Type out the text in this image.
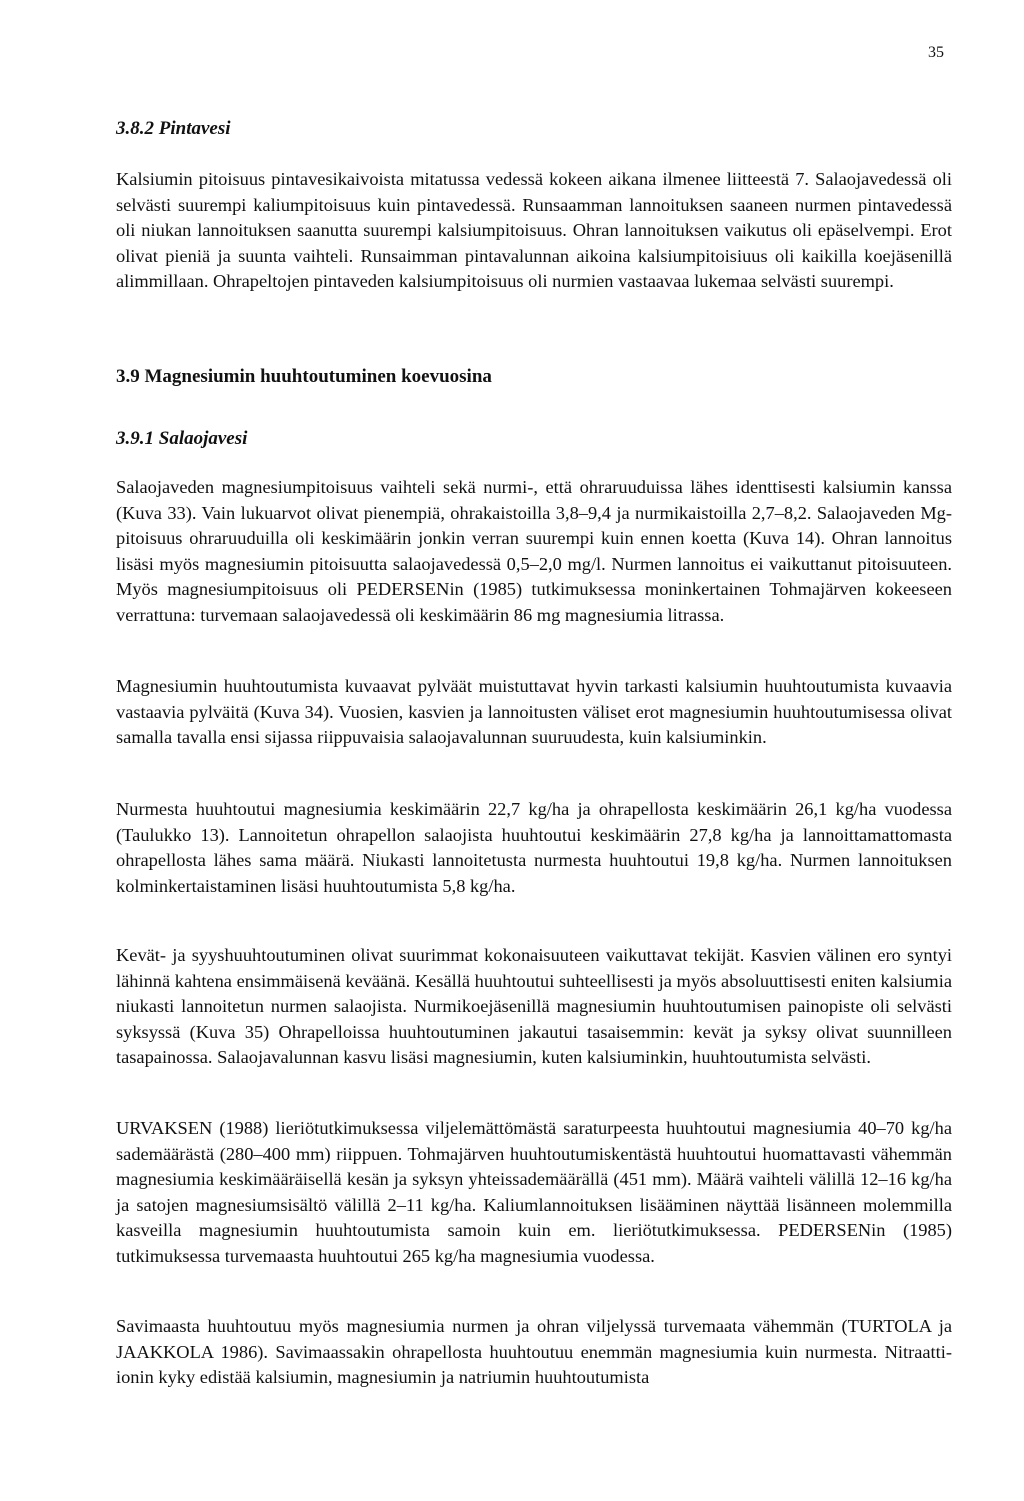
35
3.8.2 Pintavesi
Kalsiumin pitoisuus pintavesikaivoista mitatussa vedessä kokeen aikana ilmenee liitteestä 7. Salaojavedessä oli selvästi suurempi kaliumpitoisuus kuin pintavedessä. Runsaamman lannoituksen saaneen nurmen pintavedessä oli niukan lannoituksen saanutta suurempi kalsiumpitoisuus. Ohran lannoituksen vaikutus oli epäselvempi. Erot olivat pieniä ja suunta vaihteli. Runsaimman pintavalunnan aikoina kalsiumpitoisiuus oli kaikilla koejäsenillä alimmillaan. Ohrapeltojen pintaveden kalsiumpitoisuus oli nurmien vastaavaa lukemaa selvästi suurempi.
3.9 Magnesiumin huuhtoutuminen koevuosina
3.9.1 Salaojavesi
Salaojaveden magnesiumpitoisuus vaihteli sekä nurmi-, että ohraruuduissa lähes identtisesti kalsiumin kanssa (Kuva 33). Vain lukuarvot olivat pienempiä, ohrakaistoilla 3,8–9,4 ja nurmikaistoilla 2,7–8,2. Salaojaveden Mg-pitoisuus ohraruuduilla oli keskimäärin jonkin verran suurempi kuin ennen koetta (Kuva 14). Ohran lannoitus lisäsi myös magnesiumin pitoisuutta salaojavedessä 0,5–2,0 mg/l. Nurmen lannoitus ei vaikuttanut pitoisuuteen. Myös magnesiumpitoisuus oli PEDERSENin (1985) tutkimuksessa moninkertainen Tohmajärven kokeeseen verrattuna: turvemaan salaojavedessä oli keskimäärin 86 mg magnesiumia litrassa.
Magnesiumin huuhtoutumista kuvaavat pylväät muistuttavat hyvin tarkasti kalsiumin huuhtoutumista kuvaavia vastaavia pylväitä (Kuva 34). Vuosien, kasvien ja lannoitusten väliset erot magnesiumin huuhtoutumisessa olivat samalla tavalla ensi sijassa riippuvaisia salaojavalunnan suuruudesta, kuin kalsiuminkin.
Nurmesta huuhtoutui magnesiumia keskimäärin 22,7 kg/ha ja ohrapellosta keskimäärin 26,1 kg/ha vuodessa (Taulukko 13). Lannoitetun ohrapellon salaojista huuhtoutui keskimäärin 27,8 kg/ha ja lannoittamattomasta ohrapellosta lähes sama määrä. Niukasti lannoitetusta nurmesta huuhtoutui 19,8 kg/ha. Nurmen lannoituksen kolminkertaistaminen lisäsi huuhtoutumista 5,8 kg/ha.
Kevät- ja syyshuuhtoutuminen olivat suurimmat kokonaisuuteen vaikuttavat tekijät. Kasvien välinen ero syntyi lähinnä kahtena ensimmäisenä keväänä. Kesällä huuhtoutui suhteellisesti ja myös absoluuttisesti eniten kalsiumia niukasti lannoitetun nurmen salaojista. Nurmikoejäsenillä magnesiumin huuhtoutumisen painopiste oli selvästi syksyssä (Kuva 35) Ohrapelloissa huuhtoutuminen jakautui tasaisemmin: kevät ja syksy olivat suunnilleen tasapainossa. Salaojavalunnan kasvu lisäsi magnesiumin, kuten kalsiuminkin, huuhtoutumista selvästi.
URVAKSEN (1988) lieriötutkimuksessa viljelemättömästä saraturpeesta huuhtoutui magnesiumia 40–70 kg/ha sademäärästä (280–400 mm) riippuen. Tohmajärven huuhtoutumiskentästä huuhtoutui huomattavasti vähemmän magnesiumia keskimääräisellä kesän ja syksyn yhteissademäärällä (451 mm). Määrä vaihteli välillä 12–16 kg/ha ja satojen magnesiumsisältö välillä 2–11 kg/ha. Kaliumlannoituksen lisääminen näyttää lisänneen molemmilla kasveilla magnesiumin huuhtoutumista samoin kuin em. lieriötutkimuksessa. PEDERSENin (1985) tutkimuksessa turvemaasta huuhtoutui 265 kg/ha magnesiumia vuodessa.
Savimaasta huuhtoutuu myös magnesiumia nurmen ja ohran viljelyssä turvemaata vähemmän (TURTOLA ja JAAKKOLA 1986). Savimaassakin ohrapellosta huuhtoutuu enemmän magnesiumia kuin nurmesta. Nitraatti-ionin kyky edistää kalsiumin, magnesiumin ja natriumin huuhtoutumista
